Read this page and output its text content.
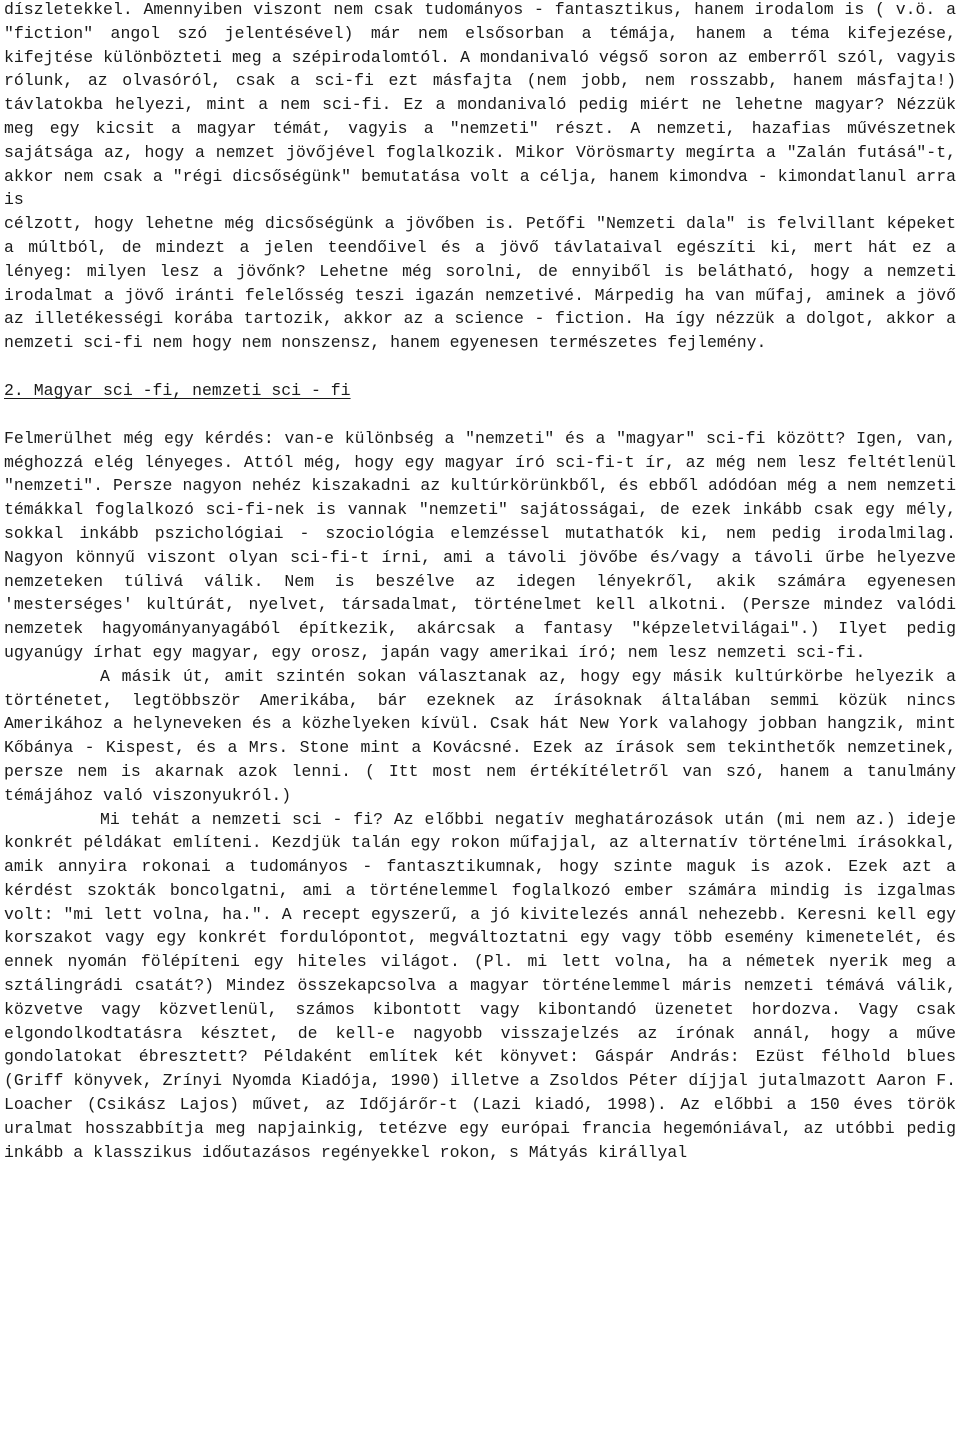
díszletekkel. Amennyiben viszont nem csak tudományos - fantasztikus, hanem irodalom is ( v.ö. a "fiction" angol szó jelentésével) már nem elsősorban a témája, hanem a téma kifejezése, kifejtése különbözteti meg a szépirodalomtól. A mondanivaló végső soron az emberről szól, vagyis rólunk, az olvasóról, csak a sci-fi ezt másfajta (nem jobb, nem rosszabb, hanem másfajta!) távlatokba helyezi, mint a nem sci-fi. Ez a mondanivaló pedig miért ne lehetne magyar? Nézzük meg egy kicsit a magyar témát, vagyis a "nemzeti" részt. A nemzeti, hazafias művészetnek sajátsága az, hogy a nemzet jövőjével foglalkozik. Mikor Vörösmarty megírta a "Zalán futásá"-t, akkor nem csak a "régi dicsőségünk" bemutatása volt a célja, hanem kimondva - kimondatlanul arra is

célzott, hogy lehetne még dicsőségünk a jövőben is. Petőfi "Nemzeti dala" is felvillant képeket a múltból, de mindezt a jelen teendőivel és a jövő távlataival egészíti ki, mert hát ez a lényeg: milyen lesz a jövőnk? Lehetne még sorolni, de ennyiből is belátható, hogy a nemzeti irodalmat a jövő iránti felelősség teszi igazán nemzetivé. Márpedig ha van műfaj, aminek a jövő az illetékességi korába tartozik, akkor az a science - fiction. Ha így nézzük a dolgot, akkor a nemzeti sci-fi nem hogy nem nonszensz, hanem egyenesen természetes fejlemény.

2. Magyar sci -fi, nemzeti sci - fi

Felmerülhet még egy kérdés: van-e különbség a "nemzeti" és a "magyar" sci-fi között? Igen, van, méghozzá elég lényeges. Attól még, hogy egy magyar író sci-fi-t ír, az még nem lesz feltétlenül "nemzeti". Persze nagyon nehéz kiszakadni az kultúrkörünkből, és ebből adódóan még a nem nemzeti témákkal foglalkozó sci-fi-nek is vannak "nemzeti" sajátosságai, de ezek inkább csak egy mély, sokkal inkább pszichológiai - szociológia elemzéssel mutathatók ki, nem pedig irodalmilag. Nagyon könnyű viszont olyan sci-fi-t írni, ami a távoli jövőbe és/vagy a távoli űrbe helyezve nemzeteken túlivá válik. Nem is beszélve az idegen lényekről, akik számára egyenesen 'mesterséges' kultúrát, nyelvet, társadalmat, történelmet kell alkotni. (Persze mindez valódi nemzetek hagyományanyagából építkezik, akárcsak a fantasy "képzeletvilágai".) Ilyet pedig ugyanúgy írhat egy magyar, egy orosz, japán vagy amerikai író; nem lesz nemzeti sci-fi.

A másik út, amit szintén sokan választanak az, hogy egy másik kultúrkörbe helyezik a történetet, legtöbbször Amerikába, bár ezeknek az írásoknak általában semmi közük nincs Amerikához a helyneveken és a közhelyeken kívül. Csak hát New York valahogy jobban hangzik, mint Kőbánya - Kispest, és a Mrs. Stone mint a Kovácsné. Ezek az írások sem tekinthetők nemzetinek, persze nem is akarnak azok lenni. ( Itt most nem értékítéletről van szó, hanem a tanulmány témájához való viszonyukról.)

Mi tehát a nemzeti sci - fi? Az előbbi negatív meghatározások után (mi nem az.) ideje konkrét példákat említeni. Kezdjük talán egy rokon műfajjal, az alternatív történelmi írásokkal, amik annyira rokonai a tudományos - fantasztikumnak, hogy szinte maguk is azok. Ezek azt a kérdést szokták boncolgatni, ami a történelemmel foglalkozó ember számára mindig is izgalmas volt: "mi lett volna, ha.". A recept egyszerű, a jó kivitelezés annál nehezebb. Keresni kell egy korszakot vagy egy konkrét fordulópontot, megváltoztatni egy vagy több esemény kimenetelét, és ennek nyomán fölépíteni egy hiteles világot. (Pl. mi lett volna, ha a németek nyerik meg a sztálingrádi csatát?) Mindez összekapcsolva a magyar történelemmel máris nemzeti témává válik, közvetve vagy közvetlenül, számos kibontott vagy kibontandó üzenetet hordozva. Vagy csak elgondolkodtatásra késztet, de kell-e nagyobb visszajelzés az írónak annál, hogy a műve gondolatokat ébresztett? Példaként említek két könyvet: Gáspár András: Ezüst félhold blues (Griff könyvek, Zrínyi Nyomda Kiadója, 1990) illetve a Zsoldos Péter díjjal jutalmazott Aaron F. Loacher (Csikász Lajos) művet, az Időjárőr-t (Lazi kiadó, 1998). Az előbbi a 150 éves török uralmat hosszabbítja meg napjainkig, tetézve egy európai francia hegemóniával, az utóbbi pedig inkább a klasszikus időutazásos regényekkel rokon, s Mátyás királlyal
